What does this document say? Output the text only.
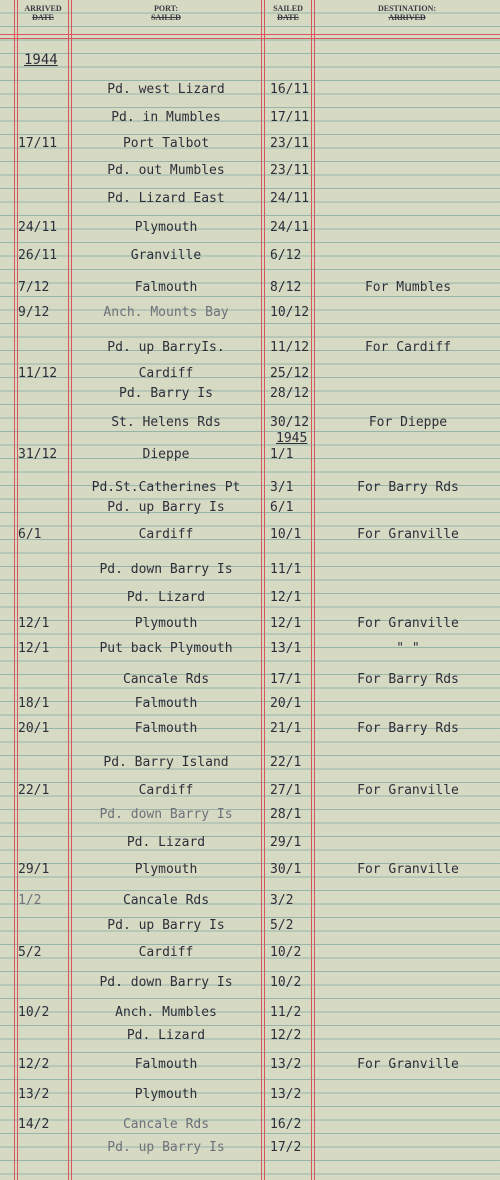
ARRIVED
DATE
PORT:
SAILED
SAILED
DATE
DESTINATION:
ARRIVED
1944
1945
Pd. west Lizard	16/11
Pd. in Mumbles	17/11
17/11	Port Talbot	23/11
Pd. out Mumbles	23/11
Pd. Lizard East	24/11
24/11	Plymouth	24/11
26/11	Granville	6/12
7/12	Falmouth	8/12	For Mumbles
9/12	Anch. Mounts Bay	10/12
Pd. up BarryIs.	11/12	For Cardiff
11/12	Cardiff	25/12
Pd. Barry Is	28/12
St. Helens Rds	30/12	For Dieppe
31/12	Dieppe	1/1
Pd.St.Catherines Pt	3/1	For Barry Rds
Pd. up Barry Is	6/1
6/1	Cardiff	10/1	For Granville
Pd. down Barry Is	11/1
Pd. Lizard	12/1
12/1	Plymouth	12/1	For Granville
12/1	Put back Plymouth	13/1	" "
Cancale Rds	17/1	For Barry Rds
18/1	Falmouth	20/1
20/1	Falmouth	21/1	For Barry Rds
Pd. Barry Island	22/1
22/1	Cardiff	27/1	For Granville
Pd. down Barry Is	28/1
Pd. Lizard	29/1
29/1	Plymouth	30/1	For Granville
1/2	Cancale Rds	3/2
Pd. up Barry Is	5/2
5/2	Cardiff	10/2
Pd. down Barry Is	10/2
10/2	Anch. Mumbles	11/2
Pd. Lizard	12/2
12/2	Falmouth	13/2	For Granville
13/2	Plymouth	13/2
14/2	Cancale Rds	16/2
Pd. up Barry Is	17/2
